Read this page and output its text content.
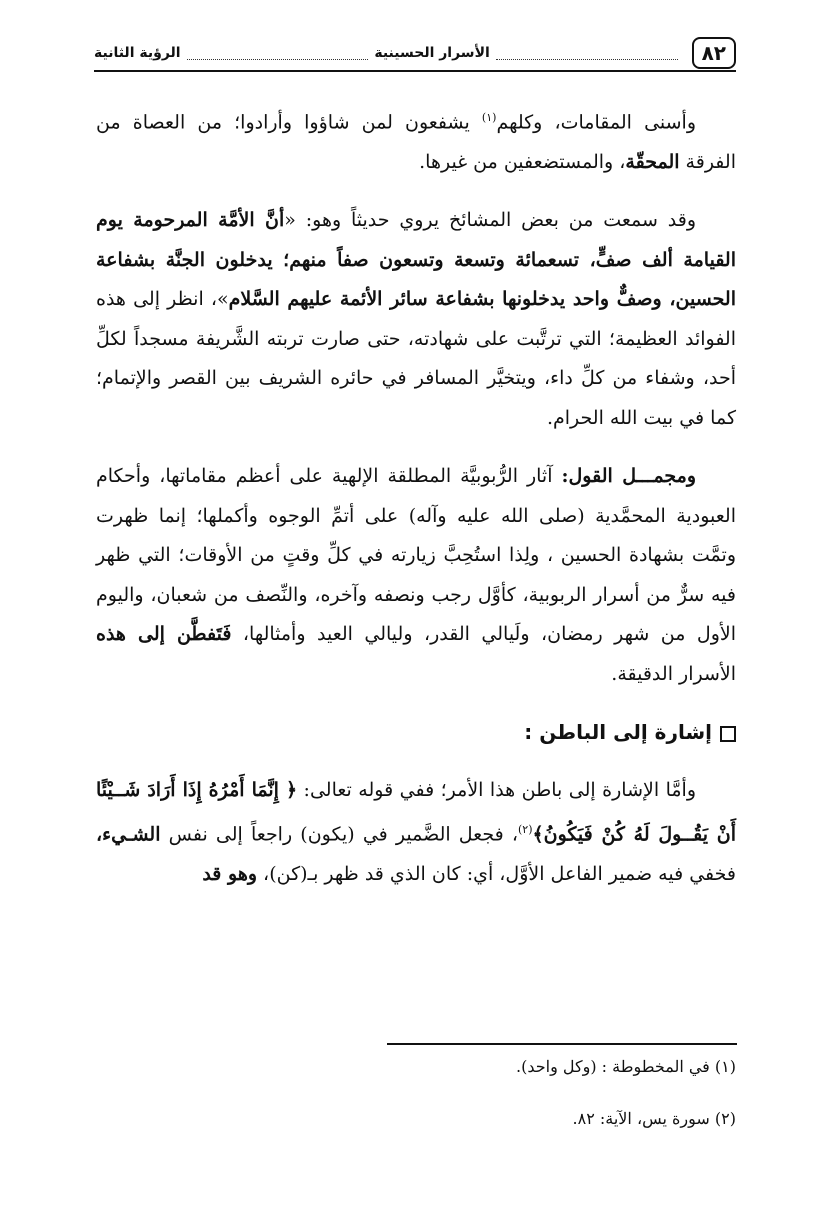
٨٢
الأسرار الحسينية
الرؤية الثانية

وأسنى المقامات، وكلهم$^{(١)}$ يشفعون لمن شاؤوا وأرادوا؛ من العصاة من الفرقة المحقّة، والمستضعفين من غيرها.

وقد سمعت من بعض المشائخ يروي حديثاً وهو: «أنَّ الأمَّة المرحومة يوم القيامة ألف صفٍّ، تسعمائة وتسعة وتسعون صفاً منهم؛ يدخلون الجنَّة بشفاعة الحسين، وصفٌّ واحد يدخلونها بشفاعة سائر الأئمة عليهم السَّلام»، انظر إلى هذه الفوائد العظيمة؛ التي ترتَّبت على شهادته، حتى صارت تربته الشَّريفة مسجداً لكلِّ أحد، وشفاء من كلِّ داء، ويتخيَّر المسافر في حائره الشريف بين القصر والإتمام؛ كما في بيت الله الحرام.

ومجمـــل القول: آثار الرُّبوبيَّة المطلقة الإلهية على أعظم مقاماتها، وأحكام العبودية المحمَّدية (صلى الله عليه وآله) على أتمِّ الوجوه وأكملها؛ إنما ظهرت وتمَّت بشهادة الحسين ، ولِذا استُحِبَّ زيارته في كلِّ وقتٍ من الأوقات؛ التي ظهر فيه سرٌّ من أسرار الربوبية، كأوَّل رجب ونصفه وآخره، والنِّصف من شعبان، واليوم الأول من شهر رمضان، ولَيالي القدر، وليالي العيد وأمثالها، فَتَفطَّن إلى هذه الأسرار الدقيقة.

إشارة إلى الباطن :

وأمَّا الإشارة إلى باطن هذا الأمر؛ ففي قوله تعالى: ﴿ إِنَّمَا أَمْرُهُ إِذَا أَرَادَ شَــيْئًا أَنْ يَقُــولَ لَهُ كُنْ فَيَكُونُ﴾$^{(٢)}$، فجعل الضَّمير في (يكون) راجعاً إلى نفس الشـيء، فخفي فيه ضمير الفاعل الأوَّل، أي: كان الذي قد ظهر بـ(كن)، وهو قد

(١) في المخطوطة : (وكل واحد).
(٢) سورة يس، الآية: ٨٢.
